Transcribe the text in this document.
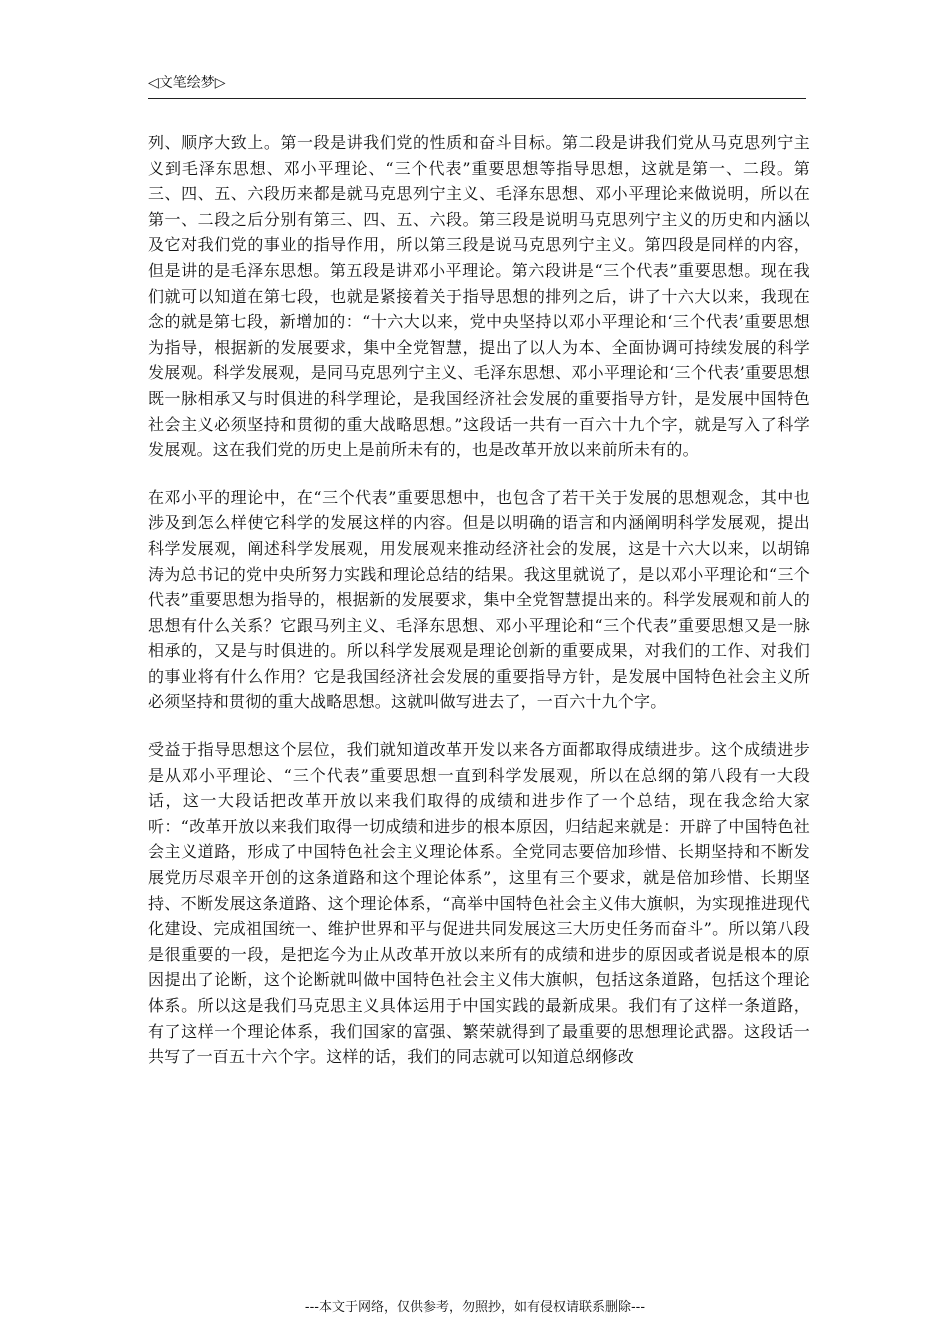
◁文笔绘梦▷

列、顺序大致上。第一段是讲我们党的性质和奋斗目标。第二段是讲我们党从马克思列宁主义到毛泽东思想、邓小平理论、“三个代表”重要思想等指导思想，这就是第一、二段。第三、四、五、六段历来都是就马克思列宁主义、毛泽东思想、邓小平理论来做说明，所以在第一、二段之后分别有第三、四、五、六段。第三段是说明马克思列宁主义的历史和内涵以及它对我们党的事业的指导作用，所以第三段是说马克思列宁主义。第四段是同样的内容，但是讲的是毛泽东思想。第五段是讲邓小平理论。第六段讲是“三个代表”重要思想。现在我们就可以知道在第七段，也就是紧接着关于指导思想的排列之后，讲了十六大以来，我现在念的就是第七段，新增加的：“十六大以来，党中央坚持以邓小平理论和‘三个代表’重要思想为指导，根据新的发展要求，集中全党智慧，提出了以人为本、全面协调可持续发展的科学发展观。科学发展观，是同马克思列宁主义、毛泽东思想、邓小平理论和‘三个代表’重要思想既一脉相承又与时俱进的科学理论，是我国经济社会发展的重要指导方针，是发展中国特色社会主义必须坚持和贯彻的重大战略思想。”这段话一共有一百六十九个字，就是写入了科学发展观。这在我们党的历史上是前所未有的，也是改革开放以来前所未有的。

在邓小平的理论中，在“三个代表”重要思想中，也包含了若干关于发展的思想观念，其中也涉及到怎么样使它科学的发展这样的内容。但是以明确的语言和内涵阐明科学发展观，提出科学发展观，阐述科学发展观，用发展观来推动经济社会的发展，这是十六大以来，以胡锦涛为总书记的党中央所努力实践和理论总结的结果。我这里就说了，是以邓小平理论和“三个代表”重要思想为指导的，根据新的发展要求，集中全党智慧提出来的。科学发展观和前人的思想有什么关系？它跟马列主义、毛泽东思想、邓小平理论和“三个代表”重要思想又是一脉相承的，又是与时俱进的。所以科学发展观是理论创新的重要成果，对我们的工作、对我们的事业将有什么作用？它是我国经济社会发展的重要指导方针，是发展中国特色社会主义所必须坚持和贯彻的重大战略思想。这就叫做写进去了，一百六十九个字。

受益于指导思想这个层位，我们就知道改革开发以来各方面都取得成绩进步。这个成绩进步是从邓小平理论、“三个代表”重要思想一直到科学发展观，所以在总纲的第八段有一大段话，这一大段话把改革开放以来我们取得的成绩和进步作了一个总结，现在我念给大家听：“改革开放以来我们取得一切成绩和进步的根本原因，归结起来就是：开辟了中国特色社会主义道路，形成了中国特色社会主义理论体系。全党同志要倍加珍惜、长期坚持和不断发展党历尽艰辛开创的这条道路和这个理论体系”，这里有三个要求，就是倍加珍惜、长期坚持、不断发展这条道路、这个理论体系，“高举中国特色社会主义伟大旗帜，为实现推进现代化建设、完成祖国统一、维护世界和平与促进共同发展这三大历史任务而奋斗”。所以第八段是很重要的一段，是把迄今为止从改革开放以来所有的成绩和进步的原因或者说是根本的原因提出了论断，这个论断就叫做中国特色社会主义伟大旗帜，包括这条道路，包括这个理论体系。所以这是我们马克思主义具体运用于中国实践的最新成果。我们有了这样一条道路，有了这样一个理论体系，我们国家的富强、繁荣就得到了最重要的思想理论武器。这段话一共写了一百五十六个字。这样的话，我们的同志就可以知道总纲修改

---本文于网络，仅供参考，勿照抄，如有侵权请联系删除---
